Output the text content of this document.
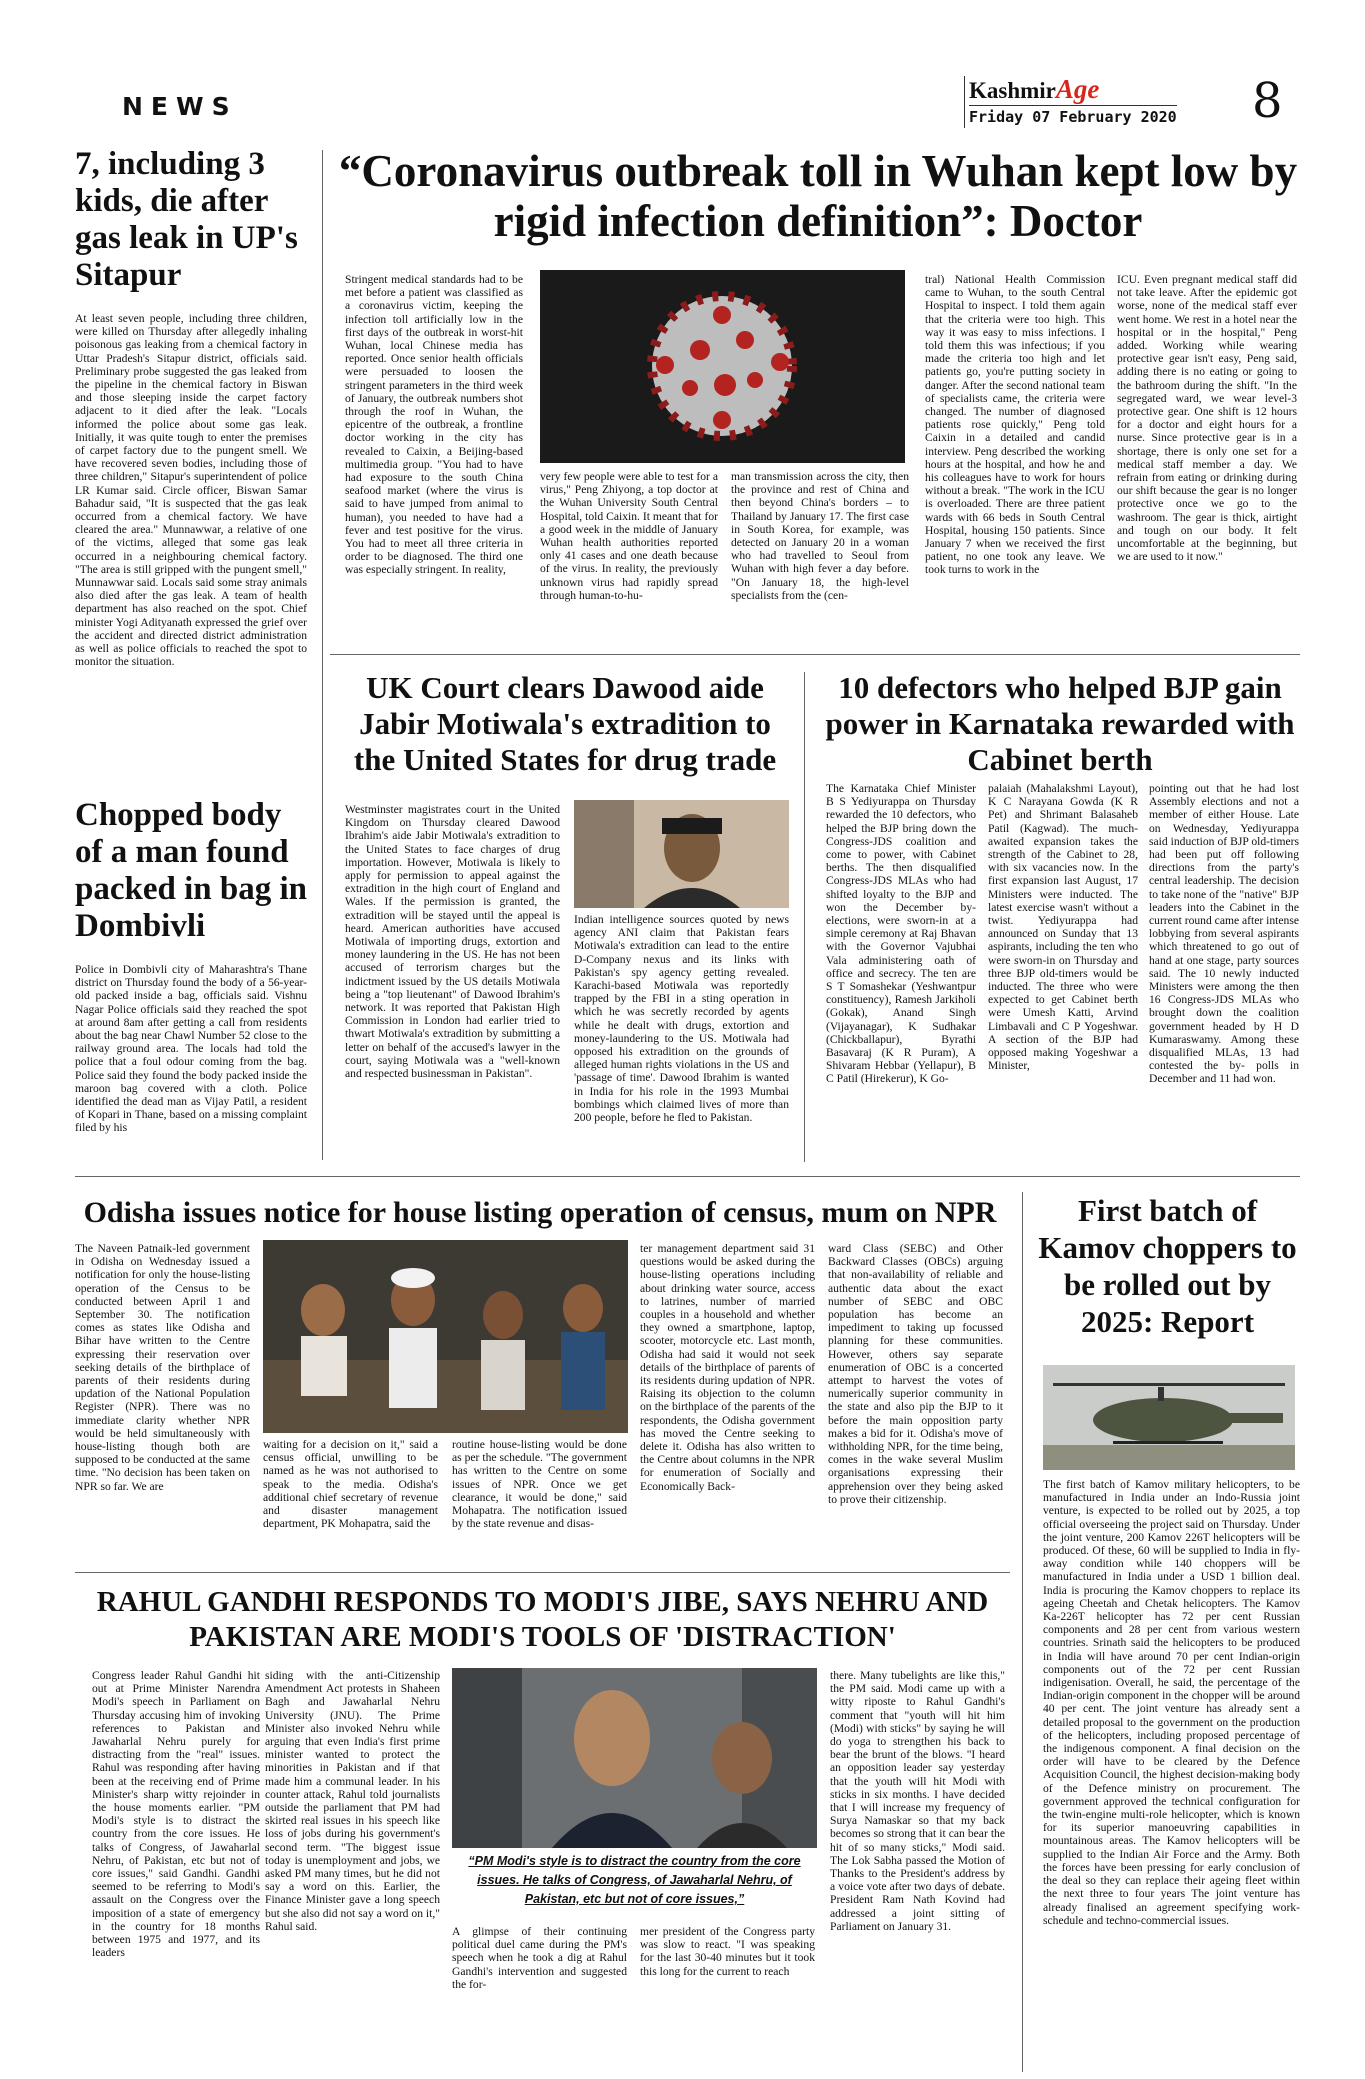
NEWS
KashmirAge
Friday 07 February 2020	8
7, including 3 kids, die after gas leak in UP's Sitapur
At least seven people, including three children, were killed on Thursday after allegedly inhaling poisonous gas leaking from a chemical factory in Uttar Pradesh's Sitapur district, officials said. Preliminary probe suggested the gas leaked from the pipeline in the chemical factory in Biswan and those sleeping inside the carpet factory adjacent to it died after the leak. "Locals informed the police about some gas leak. Initially, it was quite tough to enter the premises of carpet factory due to the pungent smell. We have recovered seven bodies, including those of three children," Sitapur's superintendent of police LR Kumar said. Circle officer, Biswan Samar Bahadur said, "It is suspected that the gas leak occurred from a chemical factory. We have cleared the area." Munnawwar, a relative of one of the victims, alleged that some gas leak occurred in a neighbouring chemical factory. "The area is still gripped with the pungent smell," Munnawwar said. Locals said some stray animals also died after the gas leak. A team of health department has also reached on the spot. Chief minister Yogi Adityanath expressed the grief over the accident and directed district administration as well as police officials to reached the spot to monitor the situation.
Chopped body of a man found packed in bag in Dombivli
Police in Dombivli city of Maharashtra's Thane district on Thursday found the body of a 56-year-old packed inside a bag, officials said. Vishnu Nagar Police officials said they reached the spot at around 8am after getting a call from residents about the bag near Chawl Number 52 close to the railway ground area. The locals had told the police that a foul odour coming from the bag. Police said they found the body packed inside the maroon bag covered with a cloth. Police identified the dead man as Vijay Patil, a resident of Kopari in Thane, based on a missing complaint filed by his
“Coronavirus outbreak toll in Wuhan kept low by rigid infection definition”: Doctor
Stringent medical standards had to be met before a patient was classified as a coronavirus victim, keeping the infection toll artificially low in the first days of the outbreak in worst-hit Wuhan, local Chinese media has reported. Once senior health officials were persuaded to loosen the stringent parameters in the third week of January, the outbreak numbers shot through the roof in Wuhan, the epicentre of the outbreak, a frontline doctor working in the city has revealed to Caixin, a Beijing-based multimedia group. "You had to have had exposure to the south China seafood market (where the virus is said to have jumped from animal to human), you needed to have had a fever and test positive for the virus. You had to meet all three criteria in order to be diagnosed. The third one was especially stringent. In reality,
very few people were able to test for a virus," Peng Zhiyong, a top doctor at the Wuhan University South Central Hospital, told Caixin. It meant that for a good week in the middle of January Wuhan health authorities reported only 41 cases and one death because of the virus. In reality, the previously unknown virus had rapidly spread through human-to-hu-
man transmission across the city, then the province and rest of China and then beyond China's borders – to Thailand by January 17. The first case in South Korea, for example, was detected on January 20 in a woman who had travelled to Seoul from Wuhan with high fever a day before. "On January 18, the high-level specialists from the (cen-
tral) National Health Commission came to Wuhan, to the south Central Hospital to inspect. I told them again that the criteria were too high. This way it was easy to miss infections. I told them this was infectious; if you made the criteria too high and let patients go, you're putting society in danger. After the second national team of specialists came, the criteria were changed. The number of diagnosed patients rose quickly," Peng told Caixin in a detailed and candid interview. Peng described the working hours at the hospital, and how he and his colleagues have to work for hours without a break. "The work in the ICU is overloaded. There are three patient wards with 66 beds in South Central Hospital, housing 150 patients. Since January 7 when we received the first patient, no one took any leave. We took turns to work in the
ICU. Even pregnant medical staff did not take leave. After the epidemic got worse, none of the medical staff ever went home. We rest in a hotel near the hospital or in the hospital," Peng added. Working while wearing protective gear isn't easy, Peng said, adding there is no eating or going to the bathroom during the shift. "In the segregated ward, we wear level-3 protective gear. One shift is 12 hours for a doctor and eight hours for a nurse. Since protective gear is in a shortage, there is only one set for a medical staff member a day. We refrain from eating or drinking during our shift because the gear is no longer protective once we go to the washroom. The gear is thick, airtight and tough on our body. It felt uncomfortable at the beginning, but we are used to it now."
UK Court clears Dawood aide Jabir Motiwala's extradition to the United States for drug trade
Westminster magistrates court in the United Kingdom on Thursday cleared Dawood Ibrahim's aide Jabir Motiwala's extradition to the United States to face charges of drug importation. However, Motiwala is likely to apply for permission to appeal against the extradition in the high court of England and Wales. If the permission is granted, the extradition will be stayed until the appeal is heard. American authorities have accused Motiwala of importing drugs, extortion and money laundering in the US. He has not been accused of terrorism charges but the indictment issued by the US details Motiwala being a "top lieutenant" of Dawood Ibrahim's network. It was reported that Pakistan High Commission in London had earlier tried to thwart Motiwala's extradition by submitting a letter on behalf of the accused's lawyer in the court, saying Motiwala was a "well-known and respected businessman in Pakistan".
Indian intelligence sources quoted by news agency ANI claim that Pakistan fears Motiwala's extradition can lead to the entire D-Company nexus and its links with Pakistan's spy agency getting revealed. Karachi-based Motiwala was reportedly trapped by the FBI in a sting operation in which he was secretly recorded by agents while he dealt with drugs, extortion and money-laundering to the US. Motiwala had opposed his extradition on the grounds of alleged human rights violations in the US and 'passage of time'. Dawood Ibrahim is wanted in India for his role in the 1993 Mumbai bombings which claimed lives of more than 200 people, before he fled to Pakistan.
10 defectors who helped BJP gain power in Karnataka rewarded with Cabinet berth
The Karnataka Chief Minister B S Yediyurappa on Thursday rewarded the 10 defectors, who helped the BJP bring down the Congress-JDS coalition and come to power, with Cabinet berths. The then disqualified Congress-JDS MLAs who had shifted loyalty to the BJP and won the December by-elections, were sworn-in at a simple ceremony at Raj Bhavan with the Governor Vajubhai Vala administering oath of office and secrecy. The ten are S T Somashekar (Yeshwantpur constituency), Ramesh Jarkiholi (Gokak), Anand Singh (Vijayanagar), K Sudhakar (Chickballapur), Byrathi Basavaraj (K R Puram), A Shivaram Hebbar (Yellapur), B C Patil (Hirekerur), K Go-
palaiah (Mahalakshmi Layout), K C Narayana Gowda (K R Pet) and Shrimant Balasaheb Patil (Kagwad). The much-awaited expansion takes the strength of the Cabinet to 28, with six vacancies now. In the first expansion last August, 17 Ministers were inducted. The latest exercise wasn't without a twist. Yediyurappa had announced on Sunday that 13 aspirants, including the ten who were sworn-in on Thursday and three BJP old-timers would be inducted. The three who were expected to get Cabinet berth were Umesh Katti, Arvind Limbavali and C P Yogeshwar. A section of the BJP had opposed making Yogeshwar a Minister,
pointing out that he had lost Assembly elections and not a member of either House. Late on Wednesday, Yediyurappa said induction of BJP old-timers had been put off following directions from the party's central leadership. The decision to take none of the "native" BJP leaders into the Cabinet in the current round came after intense lobbying from several aspirants which threatened to go out of hand at one stage, party sources said. The 10 newly inducted Ministers were among the then 16 Congress-JDS MLAs who brought down the coalition government headed by H D Kumaraswamy. Among these disqualified MLAs, 13 had contested the by- polls in December and 11 had won.
Odisha issues notice for house listing operation of census, mum on NPR
The Naveen Patnaik-led government in Odisha on Wednesday issued a notification for only the house-listing operation of the Census to be conducted between April 1 and September 30. The notification comes as states like Odisha and Bihar have written to the Centre expressing their reservation over seeking details of the birthplace of parents of their residents during updation of the National Population Register (NPR). There was no immediate clarity whether NPR would be held simultaneously with house-listing though both are supposed to be conducted at the same time. "No decision has been taken on NPR so far. We are
waiting for a decision on it," said a census official, unwilling to be named as he was not authorised to speak to the media. Odisha's additional chief secretary of revenue and disaster management department, PK Mohapatra, said the
routine house-listing would be done as per the schedule. "The government has written to the Centre on some issues of NPR. Once we get clearance, it would be done," said Mohapatra. The notification issued by the state revenue and disas-
ter management department said 31 questions would be asked during the house-listing operations including about drinking water source, access to latrines, number of married couples in a household and whether they owned a smartphone, laptop, scooter, motorcycle etc. Last month, Odisha had said it would not seek details of the birthplace of parents of its residents during updation of NPR. Raising its objection to the column on the birthplace of the parents of the respondents, the Odisha government has moved the Centre seeking to delete it. Odisha has also written to the Centre about columns in the NPR for enumeration of Socially and Economically Back-
ward Class (SEBC) and Other Backward Classes (OBCs) arguing that non-availability of reliable and authentic data about the exact number of SEBC and OBC population has become an impediment to taking up focussed planning for these communities. However, others say separate enumeration of OBC is a concerted attempt to harvest the votes of numerically superior community in the state and also pip the BJP to it before the main opposition party makes a bid for it. Odisha's move of withholding NPR, for the time being, comes in the wake several Muslim organisations expressing their apprehension over they being asked to prove their citizenship.
First batch of Kamov choppers to be rolled out by 2025: Report
The first batch of Kamov military helicopters, to be manufactured in India under an Indo-Russia joint venture, is expected to be rolled out by 2025, a top official overseeing the project said on Thursday. Under the joint venture, 200 Kamov 226T helicopters will be produced. Of these, 60 will be supplied to India in fly-away condition while 140 choppers will be manufactured in India under a USD 1 billion deal. India is procuring the Kamov choppers to replace its ageing Cheetah and Chetak helicopters. The Kamov Ka-226T helicopter has 72 per cent Russian components and 28 per cent from various western countries. Srinath said the helicopters to be produced in India will have around 70 per cent Indian-origin components out of the 72 per cent Russian indigenisation. Overall, he said, the percentage of the Indian-origin component in the chopper will be around 40 per cent. The joint venture has already sent a detailed proposal to the government on the production of the helicopters, including proposed percentage of the indigenous component. A final decision on the order will have to be cleared by the Defence Acquisition Council, the highest decision-making body of the Defence ministry on procurement. The government approved the technical configuration for the twin-engine multi-role helicopter, which is known for its superior manoeuvring capabilities in mountainous areas. The Kamov helicopters will be supplied to the Indian Air Force and the Army. Both the forces have been pressing for early conclusion of the deal so they can replace their ageing fleet within the next three to four years The joint venture has already finalised an agreement specifying work-schedule and techno-commercial issues.
RAHUL GANDHI RESPONDS TO MODI'S JIBE, SAYS NEHRU AND PAKISTAN ARE MODI'S TOOLS OF 'DISTRACTION'
Congress leader Rahul Gandhi hit out at Prime Minister Narendra Modi's speech in Parliament on Thursday accusing him of invoking references to Pakistan and Jawaharlal Nehru purely for distracting from the "real" issues. Rahul was responding after having been at the receiving end of Prime Minister's sharp witty rejoinder in the house moments earlier. "PM Modi's style is to distract the country from the core issues. He talks of Congress, of Jawaharlal Nehru, of Pakistan, etc but not of core issues," said Gandhi. Gandhi seemed to be referring to Modi's assault on the Congress over the imposition of a state of emergency in the country for 18 months between 1975 and 1977, and its leaders
siding with the anti-Citizenship Amendment Act protests in Shaheen Bagh and Jawaharlal Nehru University (JNU). The Prime Minister also invoked Nehru while arguing that even India's first prime minister wanted to protect the minorities in Pakistan and if that made him a communal leader. In his counter attack, Rahul told journalists outside the parliament that PM had skirted real issues in his speech like loss of jobs during his government's second term. "The biggest issue today is unemployment and jobs, we asked PM many times, but he did not say a word on this. Earlier, the Finance Minister gave a long speech but she also did not say a word on it," Rahul said.
“PM Modi's style is to distract the country from the core issues. He talks of Congress, of Jawaharlal Nehru, of Pakistan, etc but not of core issues,”
A glimpse of their continuing political duel came during the PM's speech when he took a dig at Rahul Gandhi's intervention and suggested the for-
mer president of the Congress party was slow to react. "I was speaking for the last 30-40 minutes but it took this long for the current to reach
there. Many tubelights are like this," the PM said. Modi came up with a witty riposte to Rahul Gandhi's comment that "youth will hit him (Modi) with sticks" by saying he will do yoga to strengthen his back to bear the brunt of the blows. "I heard an opposition leader say yesterday that the youth will hit Modi with sticks in six months. I have decided that I will increase my frequency of Surya Namaskar so that my back becomes so strong that it can bear the hit of so many sticks," Modi said. The Lok Sabha passed the Motion of Thanks to the President's address by a voice vote after two days of debate. President Ram Nath Kovind had addressed a joint sitting of Parliament on January 31.
